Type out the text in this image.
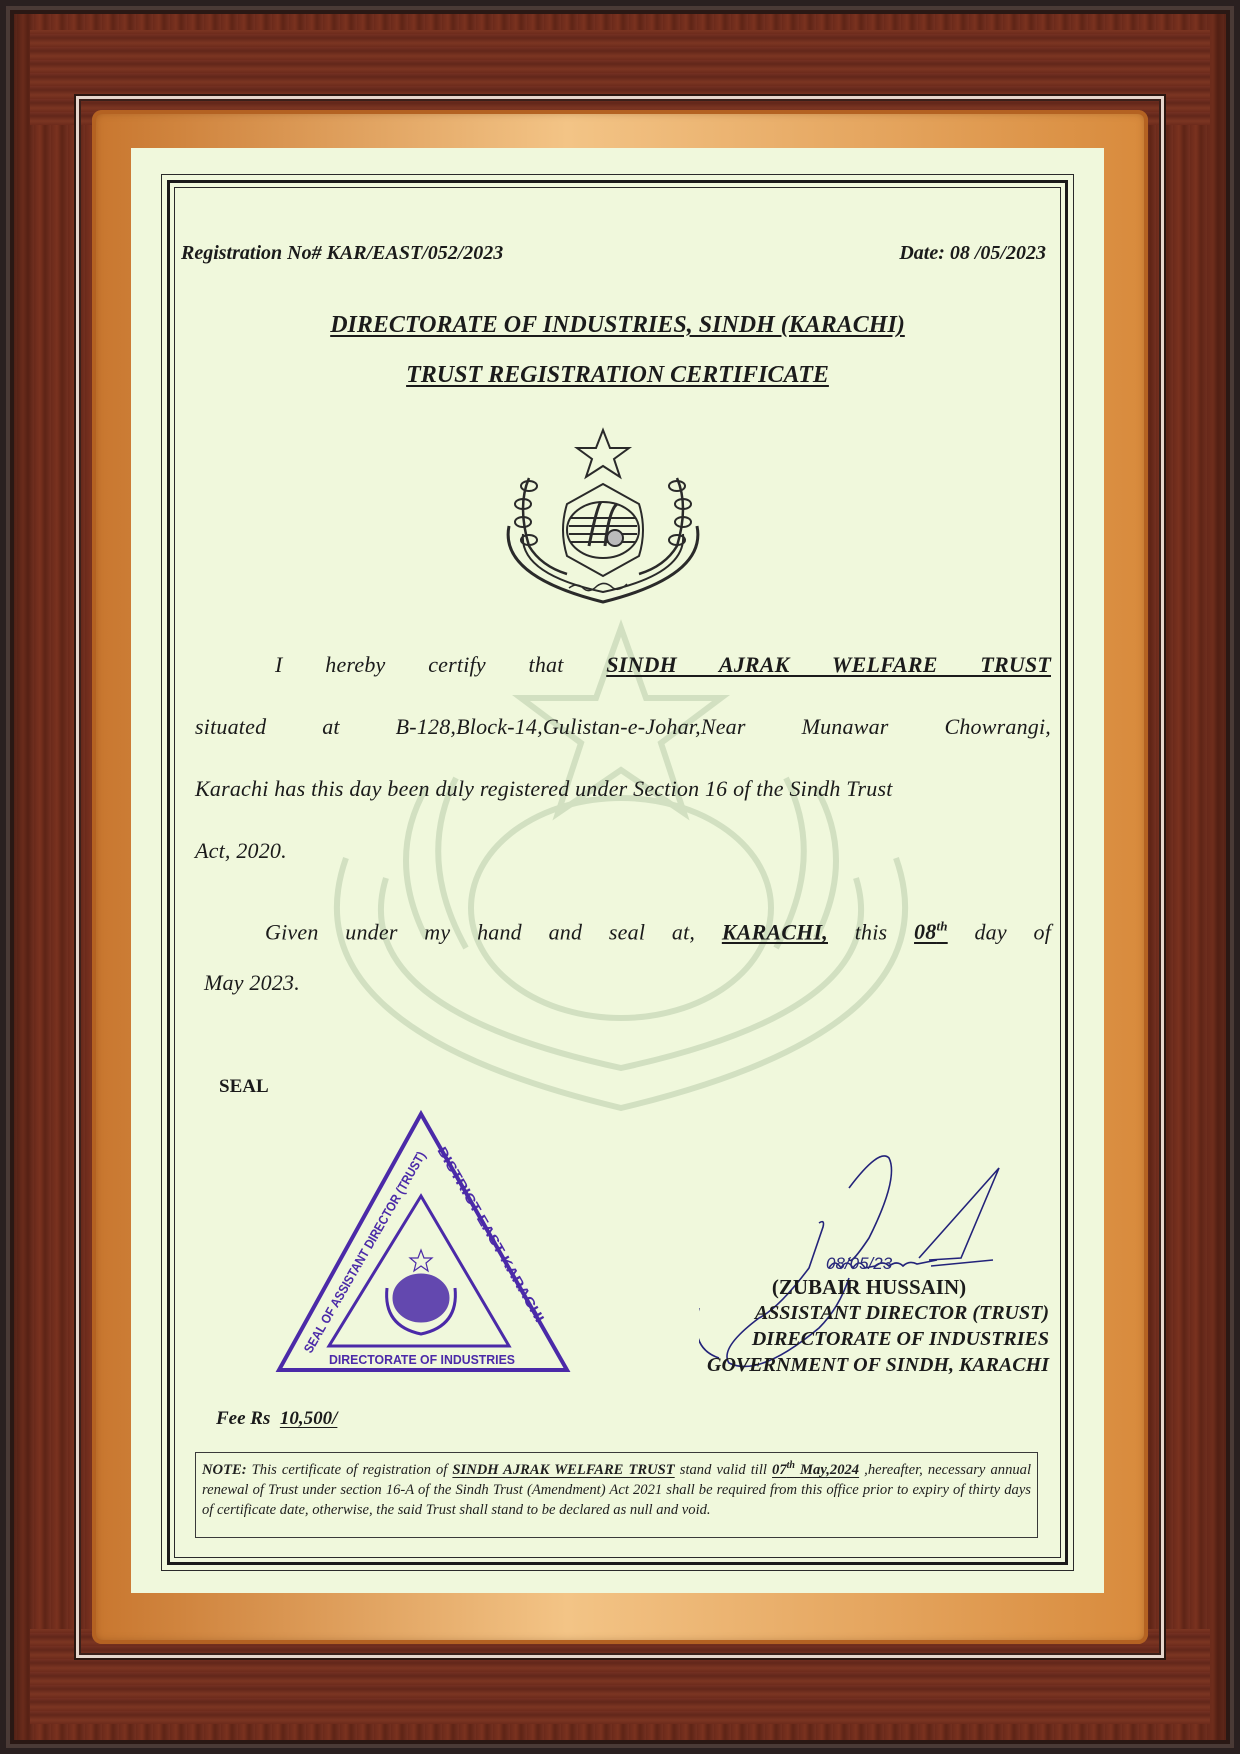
Registration No# KAR/EAST/052/2023	Date: 08 /05/2023
DIRECTORATE OF INDUSTRIES, SINDH (KARACHI)
TRUST REGISTRATION CERTIFICATE
I hereby certify that SINDH AJRAK WELFARE TRUST
situated at B-128,Block-14,Gulistan-e-Johar,Near Munawar Chowrangi,
Karachi has this day been duly registered under Section 16 of the Sindh Trust
Act, 2020.
Given under my hand and seal at, KARACHI, this 08th day of
May 2023.
SEAL
SEAL OF ASSISTANT DIRECTOR (TRUST)
DISTRICT EAST KARACHI
DIRECTORATE OF INDUSTRIES
08/05/23
(ZUBAIR HUSSAIN)
ASSISTANT DIRECTOR (TRUST)
DIRECTORATE OF INDUSTRIES
GOVERNMENT OF SINDH, KARACHI
Fee Rs 10,500/
NOTE: This certificate of registration of SINDH AJRAK WELFARE TRUST stand valid till 07th May,2024 ,hereafter, necessary annual renewal of Trust under section 16-A of the Sindh Trust (Amendment) Act 2021 shall be required from this office prior to expiry of thirty days of certificate date, otherwise, the said Trust shall stand to be declared as null and void.
